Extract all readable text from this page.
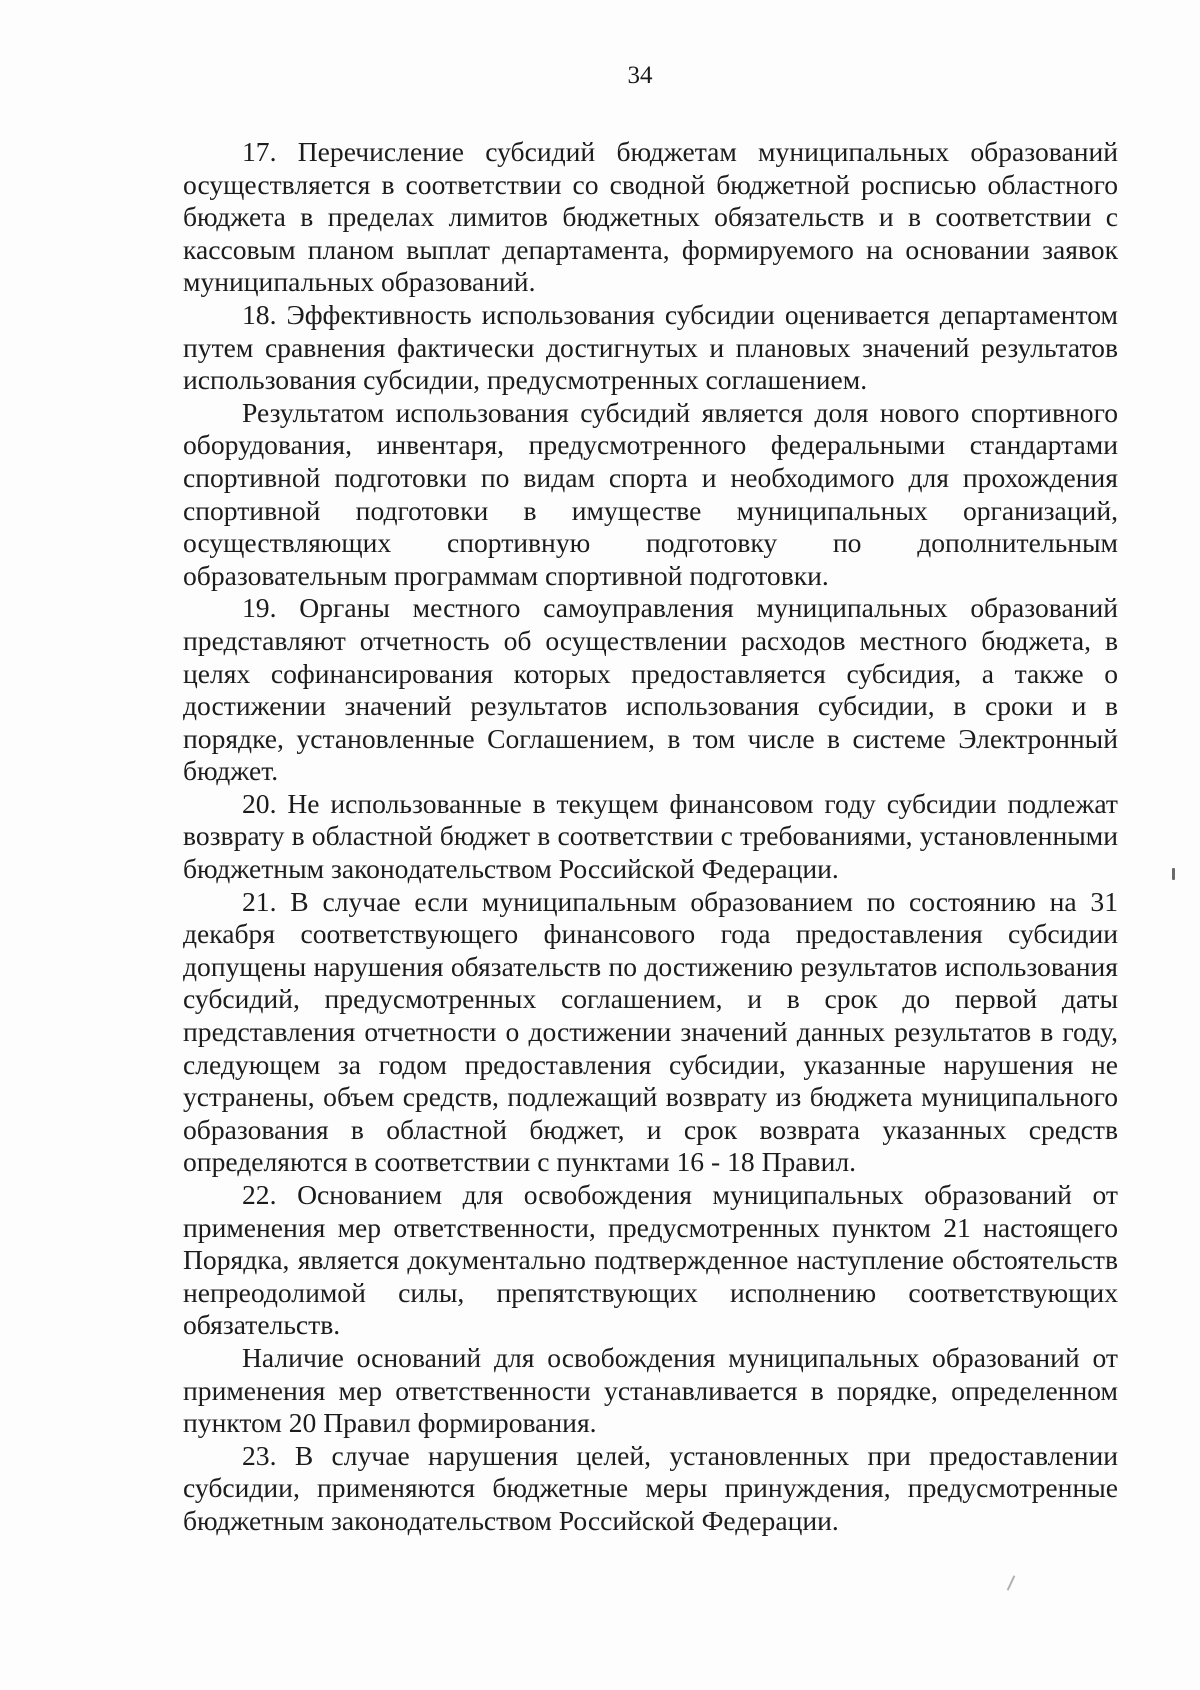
34

17. Перечисление субсидий бюджетам муниципальных образований осуществляется в соответствии со сводной бюджетной росписью областного бюджета в пределах лимитов бюджетных обязательств и в соответствии с кассовым планом выплат департамента, формируемого на основании заявок муниципальных образований.

18. Эффективность использования субсидии оценивается департаментом путем сравнения фактически достигнутых и плановых значений результатов использования субсидии, предусмотренных соглашением.

Результатом использования субсидий является доля нового спортивного оборудования, инвентаря, предусмотренного федеральными стандартами спортивной подготовки по видам спорта и необходимого для прохождения спортивной подготовки в имуществе муниципальных организаций, осуществляющих спортивную подготовку по дополнительным образовательным программам спортивной подготовки.

19. Органы местного самоуправления муниципальных образований представляют отчетность об осуществлении расходов местного бюджета, в целях софинансирования которых предоставляется субсидия, а также о достижении значений результатов использования субсидии, в сроки и в порядке, установленные Соглашением, в том числе в системе Электронный бюджет.

20. Не использованные в текущем финансовом году субсидии подлежат возврату в областной бюджет в соответствии с требованиями, установленными бюджетным законодательством Российской Федерации.

21. В случае если муниципальным образованием по состоянию на 31 декабря соответствующего финансового года предоставления субсидии допущены нарушения обязательств по достижению результатов использования субсидий, предусмотренных соглашением, и в срок до первой даты представления отчетности о достижении значений данных результатов в году, следующем за годом предоставления субсидии, указанные нарушения не устранены, объем средств, подлежащий возврату из бюджета муниципального образования в областной бюджет, и срок возврата указанных средств определяются в соответствии с пунктами 16 - 18 Правил.

22. Основанием для освобождения муниципальных образований от применения мер ответственности, предусмотренных пунктом 21 настоящего Порядка, является документально подтвержденное наступление обстоятельств непреодолимой силы, препятствующих исполнению соответствующих обязательств.

Наличие оснований для освобождения муниципальных образований от применения мер ответственности устанавливается в порядке, определенном пунктом 20 Правил формирования.

23. В случае нарушения целей, установленных при предоставлении субсидии, применяются бюджетные меры принуждения, предусмотренные бюджетным законодательством Российской Федерации.
